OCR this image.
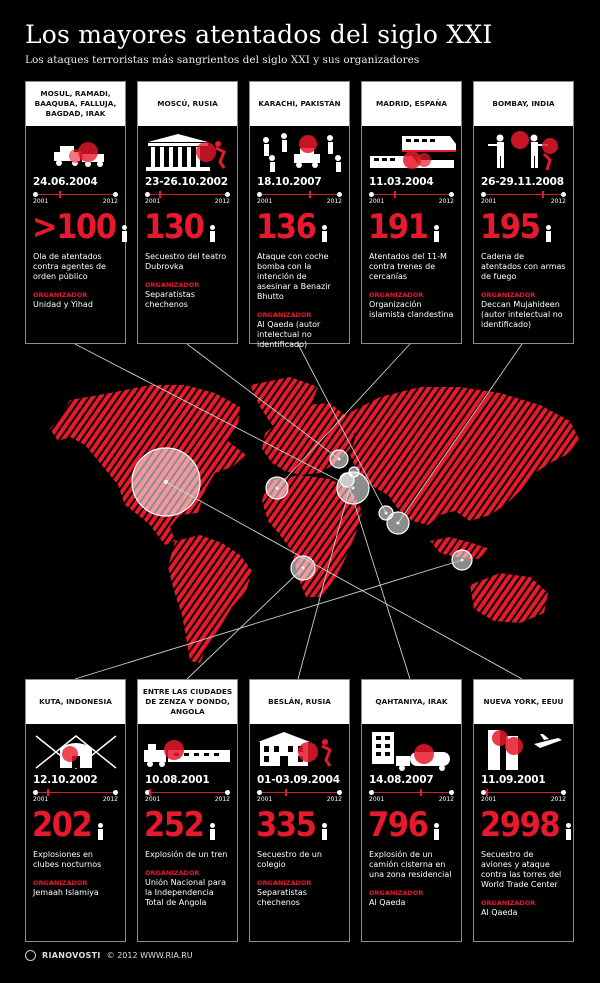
Los mayores atentados del siglo XXI
Los ataques terroristas más sangrientos del siglo XXI y sus organizadores
MOSUL, RAMADI, BAAQUBA, FALLUJA, BAGDAD, IRAK
24.06.2004
2001	2012
>100
Ola de atentados contra agentes de orden público
ORGANIZADOR
Unidad y Yihad
MOSCÚ, RUSIA
23-26.10.2002
2001	2012
130
Secuestro del teatro Dubrovka
ORGANIZADOR
Separatistas chechenos
KARACHI, PAKISTÁN
18.10.2007
2001	2012
136
Ataque con coche bomba con la intención de asesinar a Benazir Bhutto
ORGANIZADOR
Al Qaeda (autor intelectual no identificado)
MADRID, ESPAÑA
11.03.2004
2001	2012
191
Atentados del 11-M contra trenes de cercanías
ORGANIZADOR
Organización islamista clandestina
BOMBAY, INDIA
26-29.11.2008
2001	2012
195
Cadena de atentados con armas de fuego
ORGANIZADOR
Deccan Mujahideen (autor intelectual no identificado)
KUTA, INDONESIA
12.10.2002
2001	2012
202
Explosiones en clubes nocturnos
ORGANIZADOR
Jemaah Islamiya
ENTRE LAS CIUDADES DE ZENZA Y DONDO, ANGOLA
10.08.2001
2001	2012
252
Explosión de un tren
ORGANIZADOR
Unión Nacional para la Independencia Total de Angola
BESLÁN, RUSIA
01-03.09.2004
2001	2012
335
Secuestro de un colegio
ORGANIZADOR
Separatistas chechenos
QAHTANIYA, IRAK
14.08.2007
2001	2012
796
Explosión de un camión cisterna en una zona residencial
ORGANIZADOR
Al Qaeda
NUEVA YORK, EEUU
11.09.2001
2001	2012
2998
Secuestro de aviones y ataque contra las torres del World Trade Center
ORGANIZADOR
Al Qaeda
RIANOVOSTI © 2012 WWW.RIA.RU
